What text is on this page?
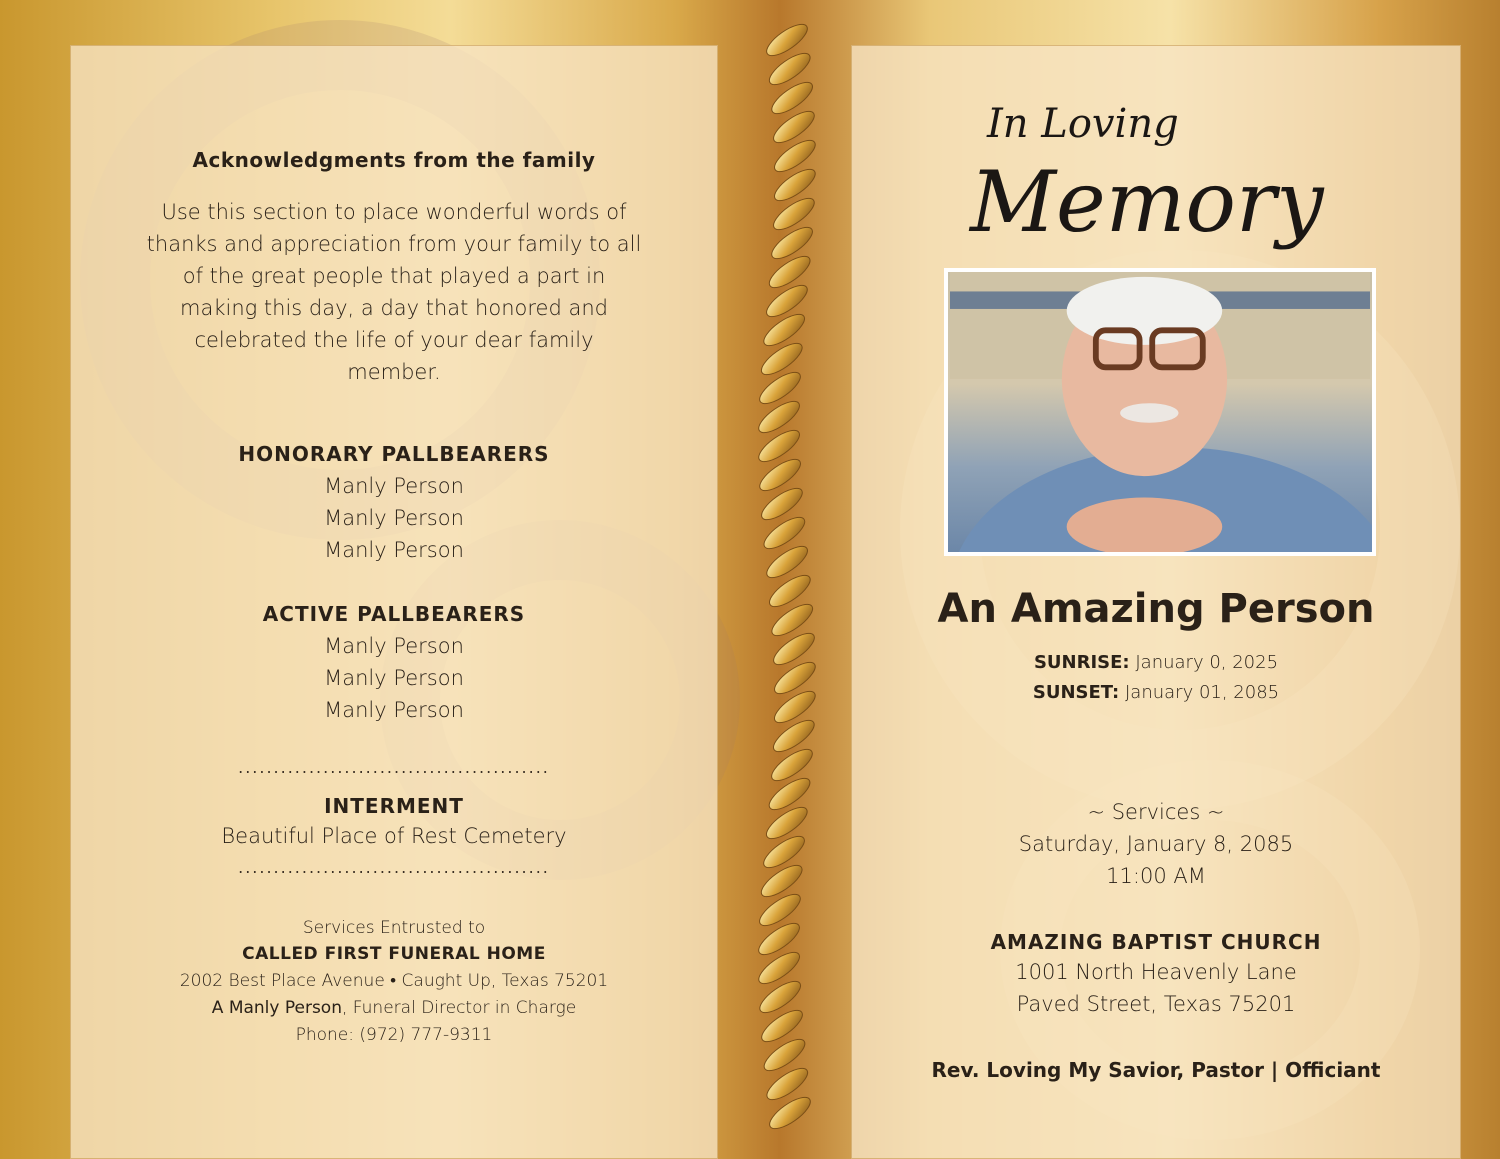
Acknowledgments from the family
Use this section to place wonderful words of
thanks and appreciation from your family to all
of the great people that played a part in
making this day, a day that honored and
celebrated the life of your dear family
member.
HONORARY PALLBEARERS
Manly Person
Manly Person
Manly Person
ACTIVE PALLBEARERS
Manly Person
Manly Person
Manly Person
............................................
INTERMENT
Beautiful Place of Rest Cemetery
............................................
Services Entrusted to
CALLED FIRST FUNERAL HOME
2002 Best Place Avenue • Caught Up, Texas 75201
A Manly Person, Funeral Director in Charge
Phone: (972) 777-9311
In Loving
Memory
An Amazing Person
SUNRISE: January 0, 2025
SUNSET: January 01, 2085
~ Services ~
Saturday, January 8, 2085
11:00 AM
AMAZING BAPTIST CHURCH
1001 North Heavenly Lane
Paved Street, Texas 75201
Rev. Loving My Savior, Pastor | Officiant
